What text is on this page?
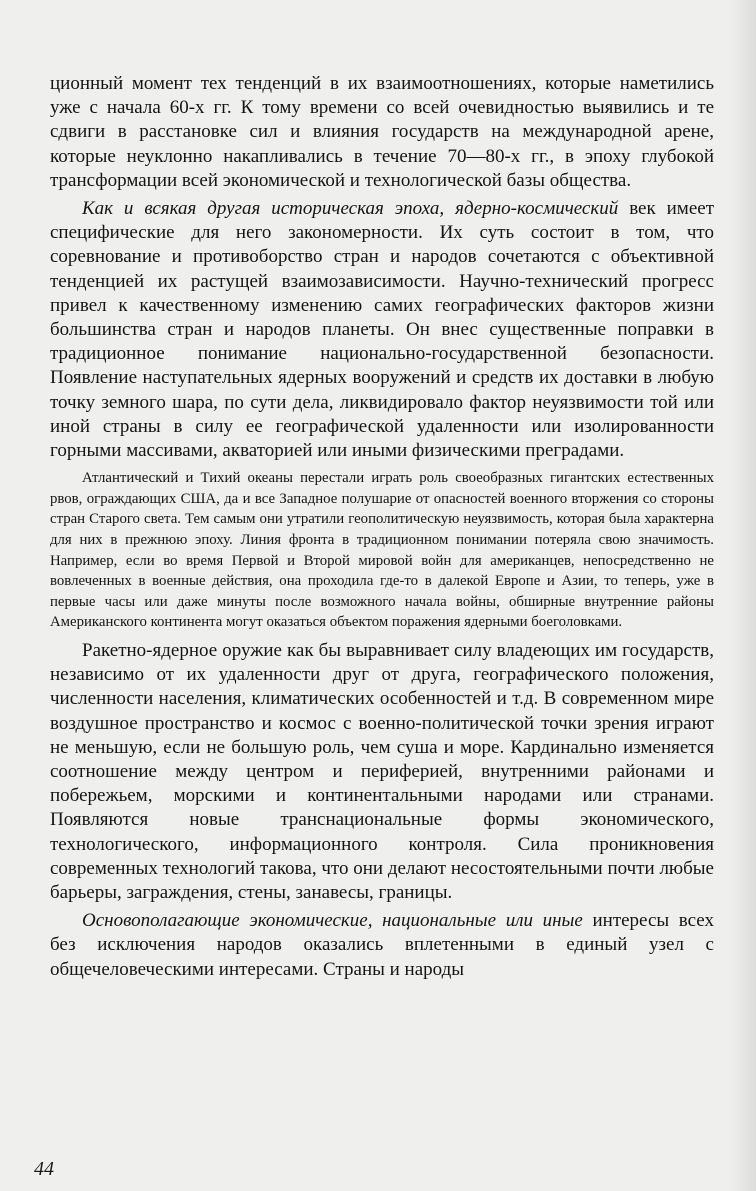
ционный момент тех тенденций в их взаимоотношениях, которые наметились уже с начала 60-х гг. К тому времени со всей очевидностью выявились и те сдвиги в расстановке сил и влияния государств на международной арене, которые неуклонно накапливались в течение 70—80-х гг., в эпоху глубокой трансформации всей экономической и технологической базы общества.

Как и всякая другая историческая эпоха, ядерно-космический век имеет специфические для него закономерности. Их суть состоит в том, что соревнование и противоборство стран и народов сочетаются с объективной тенденцией их растущей взаимозависимости. Научно-технический прогресс привел к качественному изменению самих географических факторов жизни большинства стран и народов планеты. Он внес существенные поправки в традиционное понимание национально-государственной безопасности. Появление наступательных ядерных вооружений и средств их доставки в любую точку земного шара, по сути дела, ликвидировало фактор неуязвимости той или иной страны в силу ее географической удаленности или изолированности горными массивами, акваторией или иными физическими преградами.

Атлантический и Тихий океаны перестали играть роль своеобразных гигантских естественных рвов, ограждающих США, да и все Западное полушарие от опасностей военного вторжения со стороны стран Старого света. Тем самым они утратили геополитическую неуязвимость, которая была характерна для них в прежнюю эпоху. Линия фронта в традиционном понимании потеряла свою значимость. Например, если во время Первой и Второй мировой войн для американцев, непосредственно не вовлеченных в военные действия, она проходила где-то в далекой Европе и Азии, то теперь, уже в первые часы или даже минуты после возможного начала войны, обширные внутренние районы Американского континента могут оказаться объектом поражения ядерными боеголовками.

Ракетно-ядерное оружие как бы выравнивает силу владеющих им государств, независимо от их удаленности друг от друга, географического положения, численности населения, климатических особенностей и т.д. В современном мире воздушное пространство и космос с военно-политической точки зрения играют не меньшую, если не большую роль, чем суша и море. Кардинально изменяется соотношение между центром и периферией, внутренними районами и побережьем, морскими и континентальными народами или странами. Появляются новые транснациональные формы экономического, технологического, информационного контроля. Сила проникновения современных технологий такова, что они делают несостоятельными почти любые барьеры, заграждения, стены, занавесы, границы.

Основополагающие экономические, национальные или иные интересы всех без исключения народов оказались вплетенными в единый узел с общечеловеческими интересами. Страны и народы

44
